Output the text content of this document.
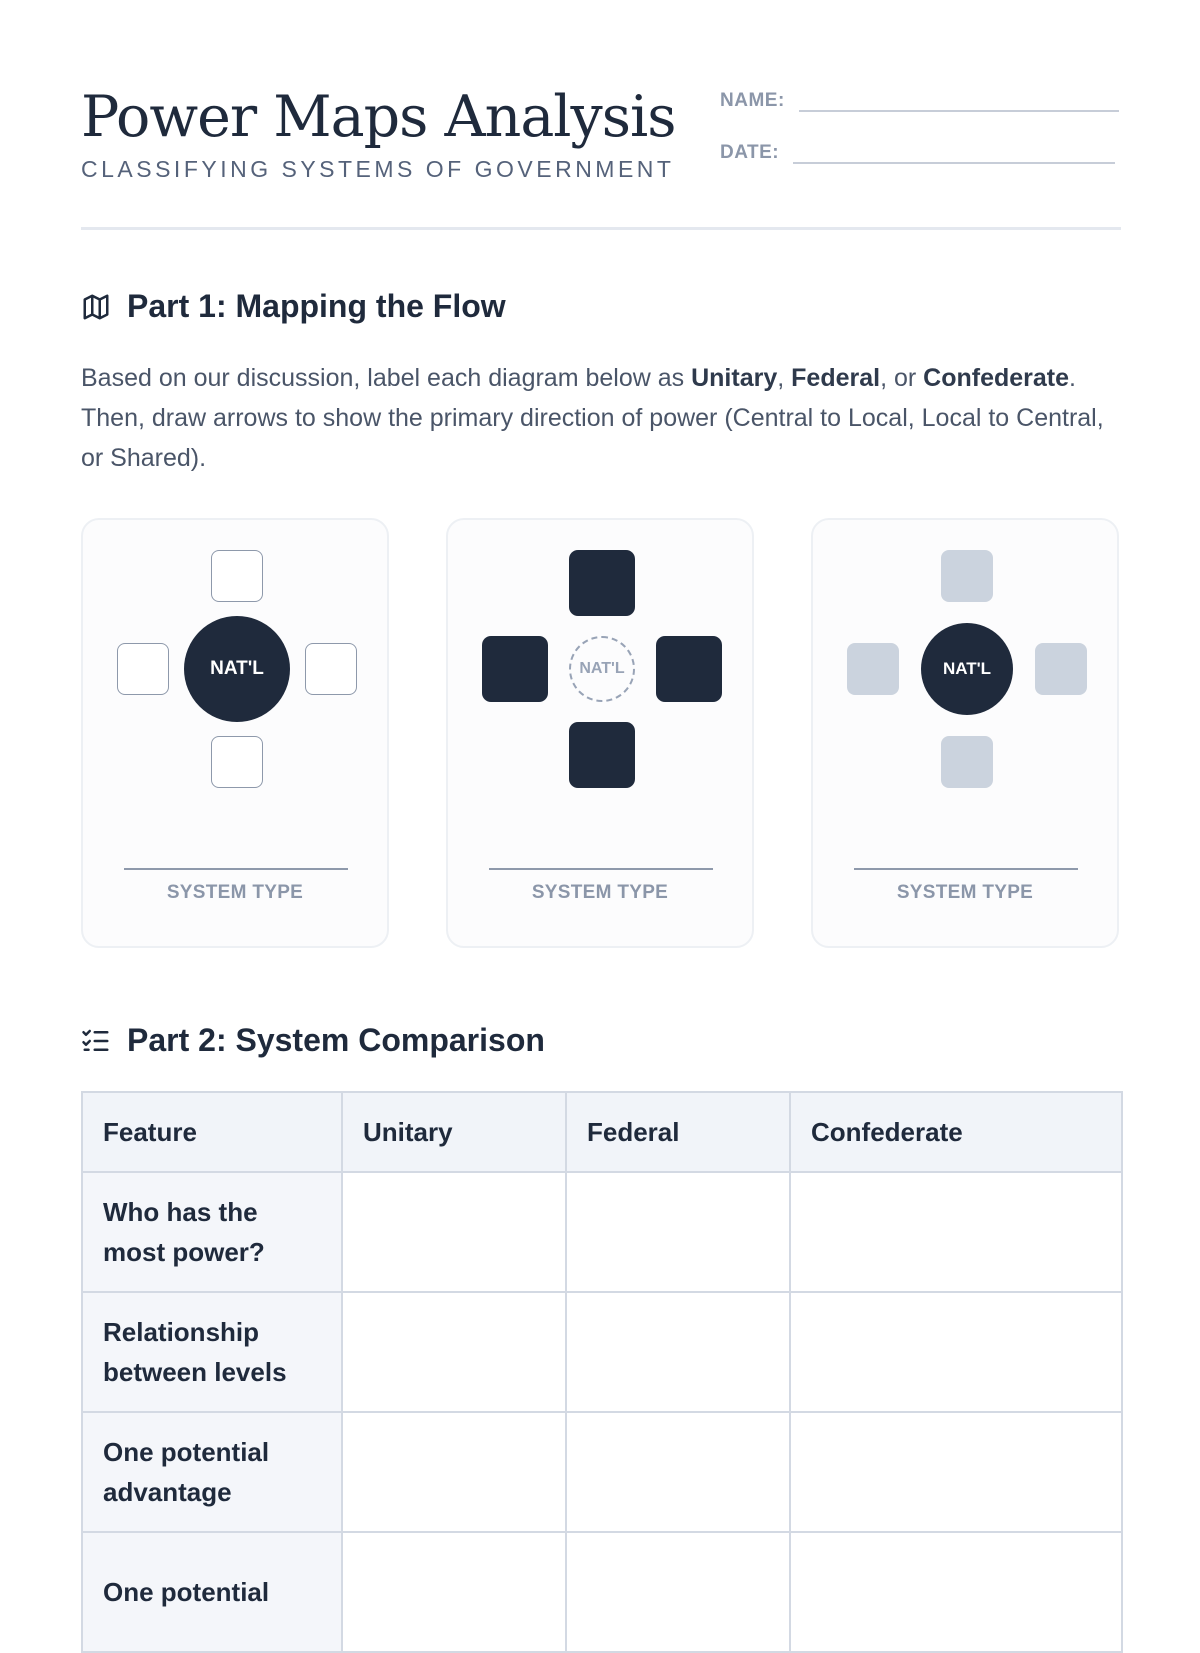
Power Maps Analysis
CLASSIFYING SYSTEMS OF GOVERNMENT
NAME:
DATE:
Part 1: Mapping the Flow
Based on our discussion, label each diagram below as Unitary, Federal, or Confederate. Then, draw arrows to show the primary direction of power (Central to Local, Local to Central, or Shared).
NAT'L
SYSTEM TYPE
NAT'L
SYSTEM TYPE
NAT'L
SYSTEM TYPE
Part 2: System Comparison
Feature	Unitary	Federal	Confederate
Who has the most power?			
Relationship between levels			
One potential advantage			
One potential			
